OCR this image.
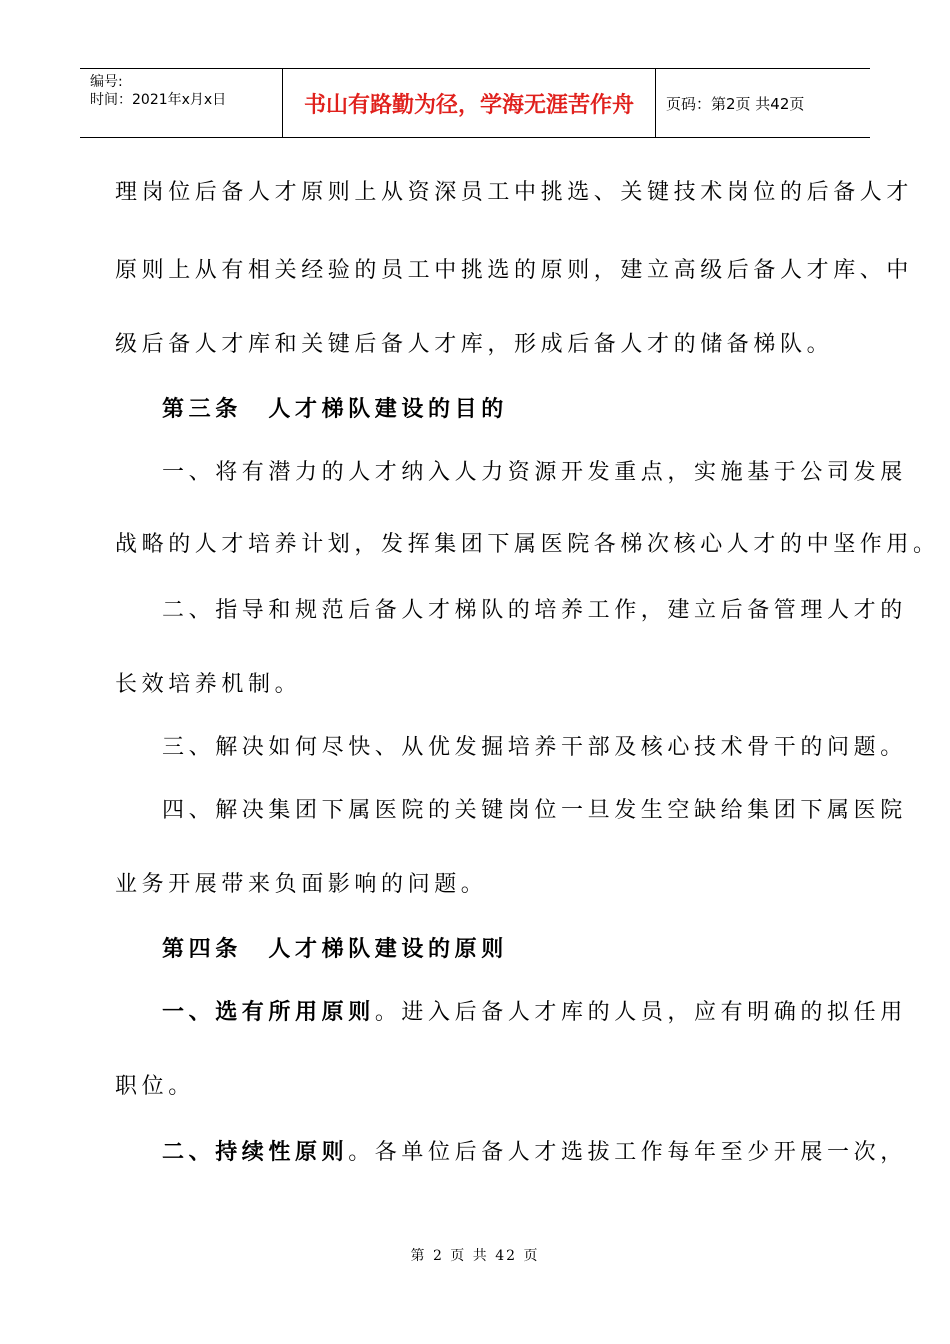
编号:
时间：2021年x月x日	书山有路勤为径，学海无涯苦作舟	页码：第2页 共42页
理岗位后备人才原则上从资深员工中挑选、关键技术岗位的后备人才
原则上从有相关经验的员工中挑选的原则，建立高级后备人才库、中
级后备人才库和关键后备人才库，形成后备人才的储备梯队。
第三条　人才梯队建设的目的
一、将有潜力的人才纳入人力资源开发重点，实施基于公司发展
战略的人才培养计划，发挥集团下属医院各梯次核心人才的中坚作用。
二、指导和规范后备人才梯队的培养工作，建立后备管理人才的
长效培养机制。
三、解决如何尽快、从优发掘培养干部及核心技术骨干的问题。
四、解决集团下属医院的关键岗位一旦发生空缺给集团下属医院
业务开展带来负面影响的问题。
第四条　人才梯队建设的原则
一、选有所用原则。进入后备人才库的人员，应有明确的拟任用
职位。
二、持续性原则。各单位后备人才选拔工作每年至少开展一次，
第 2 页 共 42 页
